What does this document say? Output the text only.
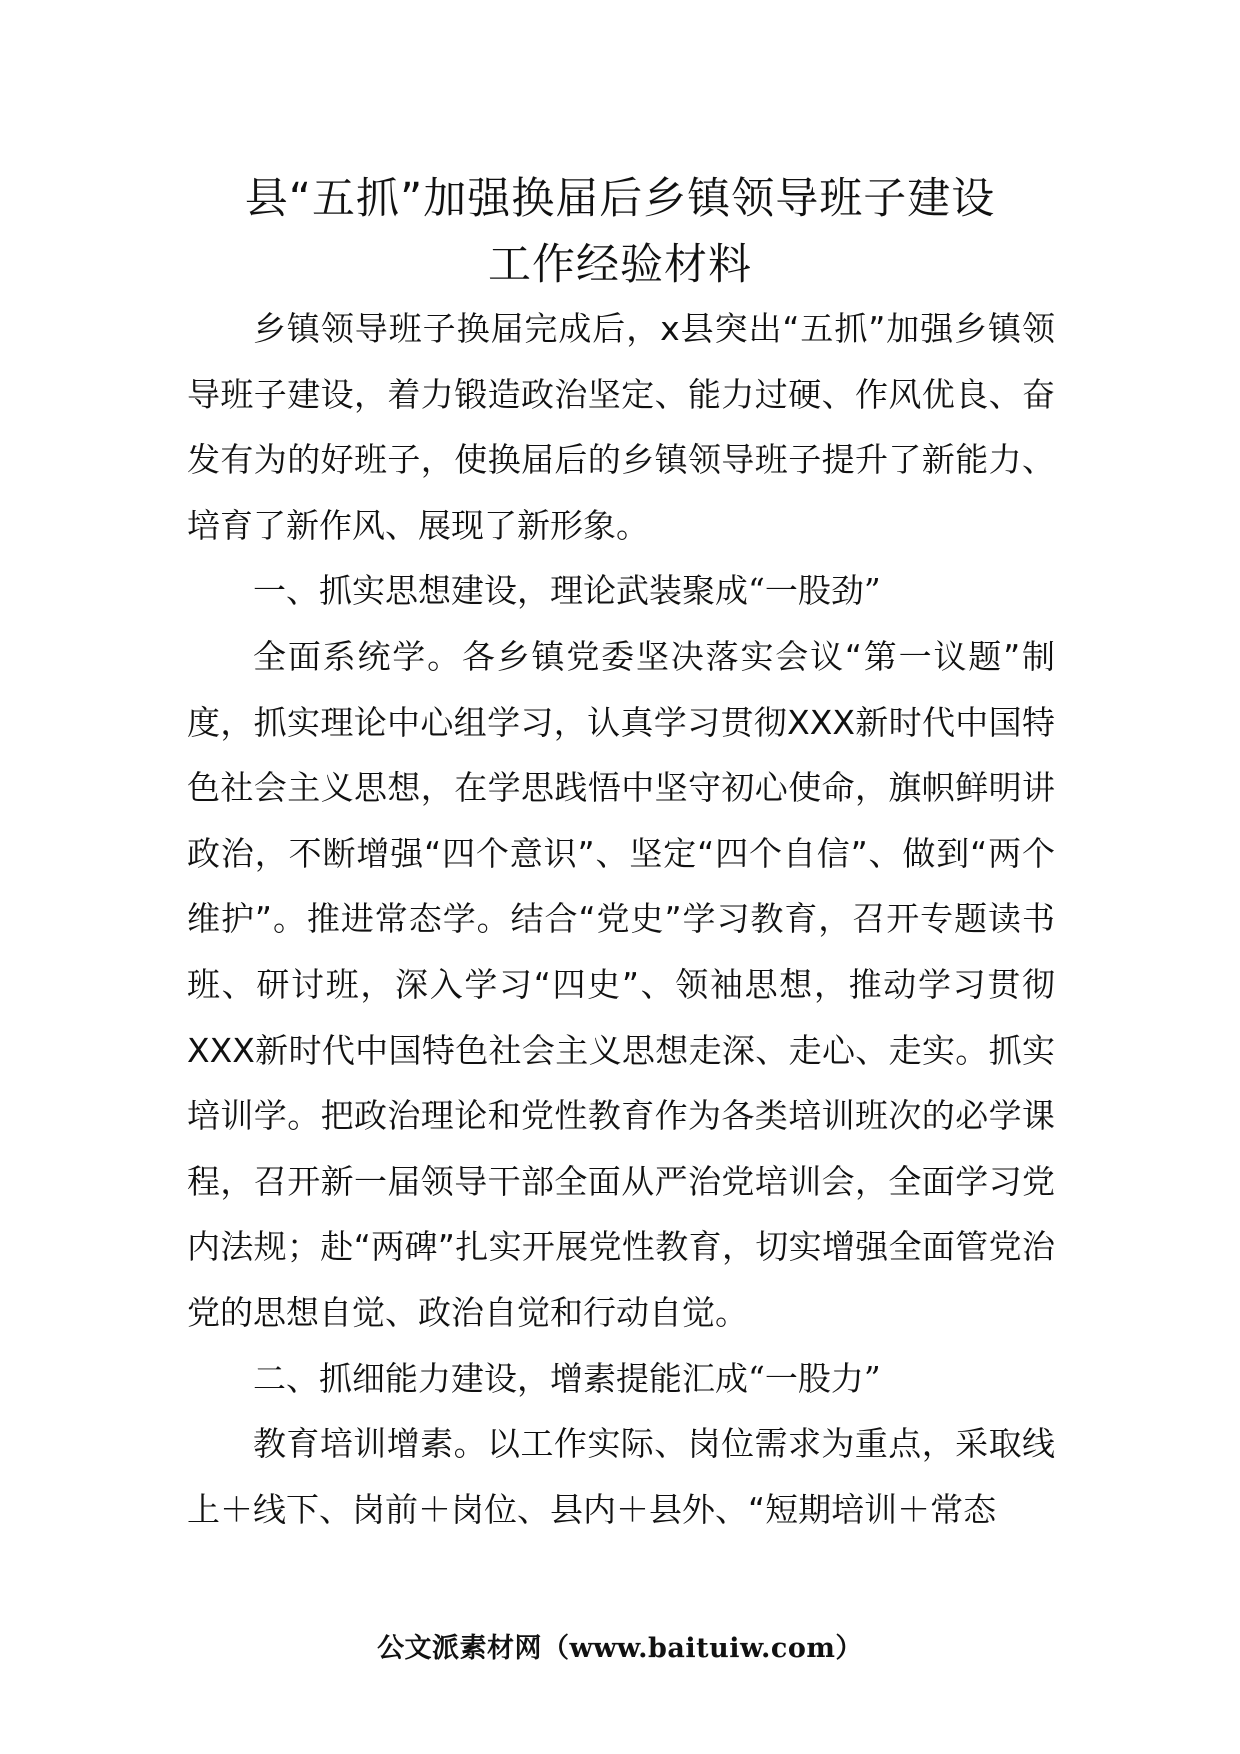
县“五抓”加强换届后乡镇领导班子建设
工作经验材料

乡镇领导班子换届完成后，x县突出“五抓”加强乡镇领导班子建设，着力锻造政治坚定、能力过硬、作风优良、奋发有为的好班子，使换届后的乡镇领导班子提升了新能力、培育了新作风、展现了新形象。

一、抓实思想建设，理论武装聚成“一股劲”

全面系统学。各乡镇党委坚决落实会议“第一议题”制度，抓实理论中心组学习，认真学习贯彻XXX新时代中国特色社会主义思想，在学思践悟中坚守初心使命，旗帜鲜明讲政治，不断增强“四个意识”、坚定“四个自信”、做到“两个维护”。推进常态学。结合“党史”学习教育，召开专题读书班、研讨班，深入学习“四史”、领袖思想，推动学习贯彻XXX新时代中国特色社会主义思想走深、走心、走实。抓实培训学。把政治理论和党性教育作为各类培训班次的必学课程，召开新一届领导干部全面从严治党培训会，全面学习党内法规；赴“两碑”扎实开展党性教育，切实增强全面管党治党的思想自觉、政治自觉和行动自觉。

二、抓细能力建设，增素提能汇成“一股力”

教育培训增素。以工作实际、岗位需求为重点，采取线上＋线下、岗前＋岗位、县内＋县外、“短期培训＋常态

公文派素材网（www.baituiw.com）
